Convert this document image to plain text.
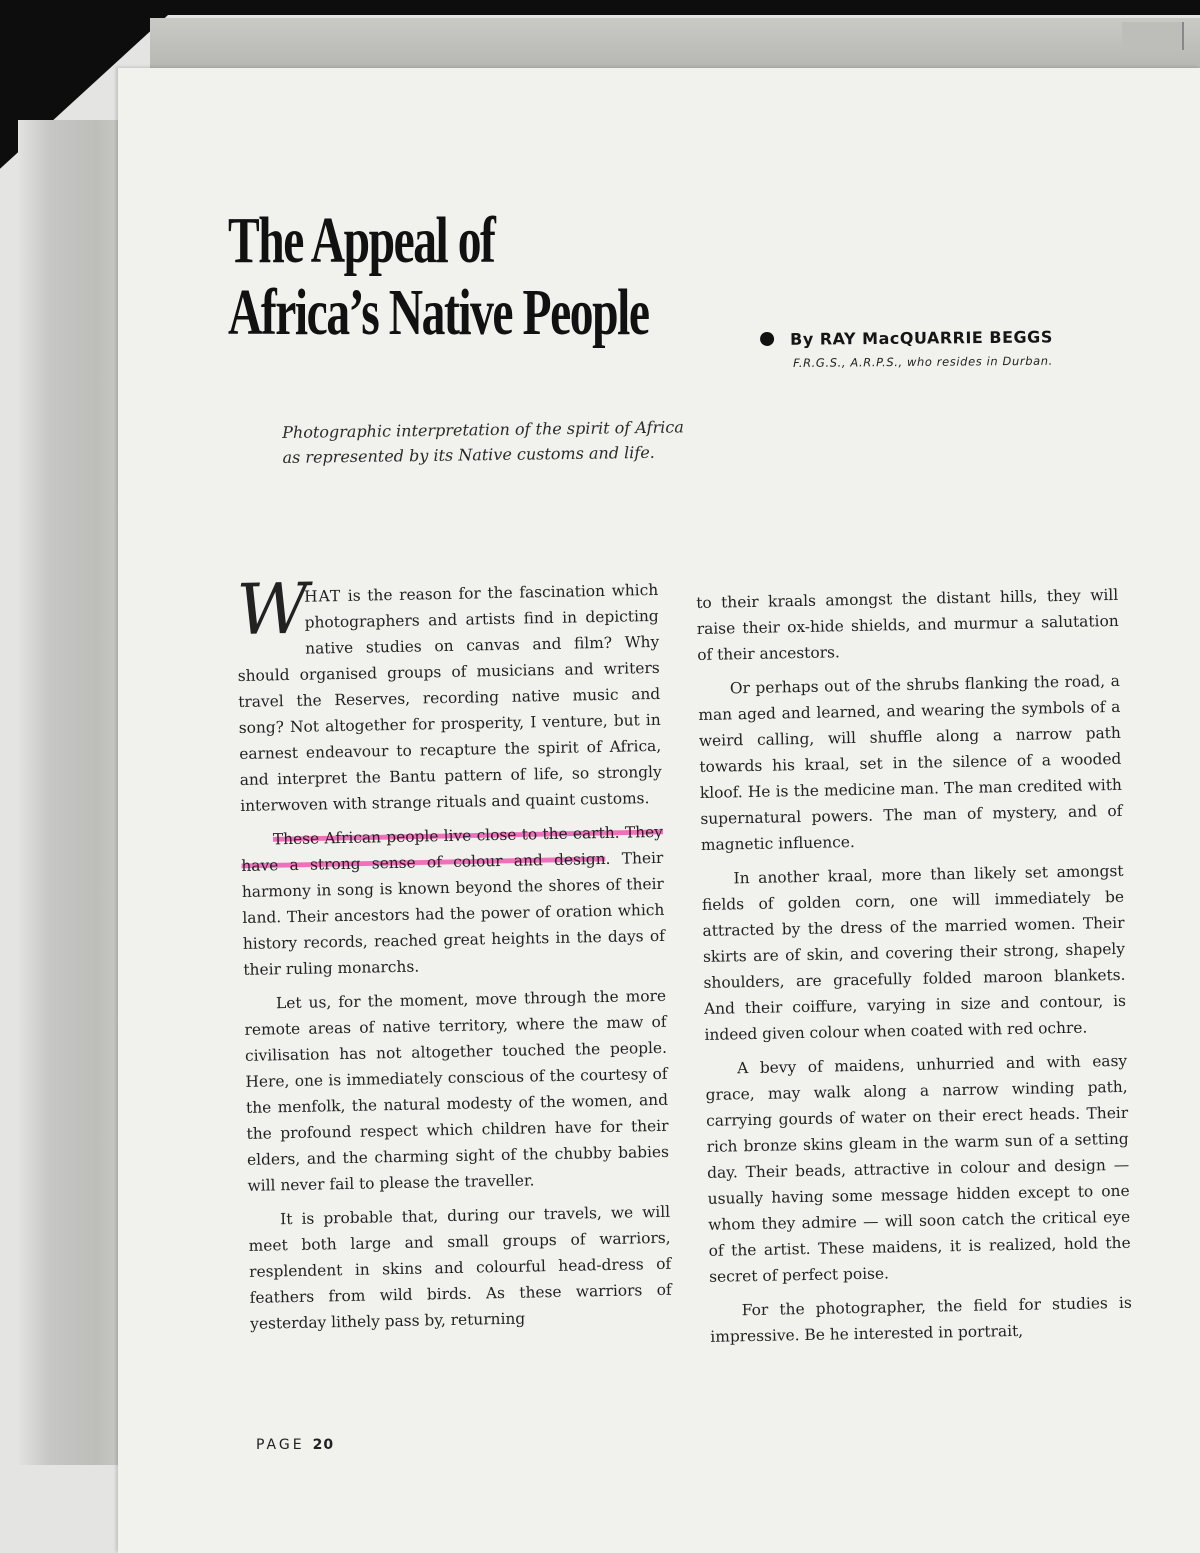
The Appeal of
Africa’s Native People	By RAY MacQUARRIE BEGGS
F.R.G.S., A.R.P.S., who resides in Durban.
Photographic interpretation of the spirit of Africa as represented by its Native customs and life.

WHAT is the reason for the fascination which photographers and artists find in depicting native studies on canvas and film? Why should organised groups of musicians and writers travel the Reserves, recording native music and song? Not altogether for prosperity, I venture, but in earnest endeavour to recapture the spirit of Africa, and interpret the Bantu pattern of life, so strongly interwoven with strange rituals and quaint customs.

These African people live close to the earth. They have a strong sense of colour and design. Their harmony in song is known beyond the shores of their land. Their ancestors had the power of oration which history records, reached great heights in the days of their ruling monarchs.

Let us, for the moment, move through the more remote areas of native territory, where the maw of civilisation has not altogether touched the people. Here, one is immediately conscious of the courtesy of the menfolk, the natural modesty of the women, and the profound respect which children have for their elders, and the charming sight of the chubby babies will never fail to please the traveller.

It is probable that, during our travels, we will meet both large and small groups of warriors, resplendent in skins and colourful head-dress of feathers from wild birds. As these warriors of yesterday lithely pass by, returning

to their kraals amongst the distant hills, they will raise their ox-hide shields, and murmur a salutation of their ancestors.

Or perhaps out of the shrubs flanking the road, a man aged and learned, and wearing the symbols of a weird calling, will shuffle along a narrow path towards his kraal, set in the silence of a wooded kloof. He is the medicine man. The man credited with supernatural powers. The man of mystery, and of magnetic influence.

In another kraal, more than likely set amongst fields of golden corn, one will immediately be attracted by the dress of the married women. Their skirts are of skin, and covering their strong, shapely shoulders, are gracefully folded maroon blankets. And their coiffure, varying in size and contour, is indeed given colour when coated with red ochre.

A bevy of maidens, unhurried and with easy grace, may walk along a narrow winding path, carrying gourds of water on their erect heads. Their rich bronze skins gleam in the warm sun of a setting day. Their beads, attractive in colour and design — usually having some message hidden except to one whom they admire — will soon catch the critical eye of the artist. These maidens, it is realized, hold the secret of perfect poise.

For the photographer, the field for studies is impressive. Be he interested in portrait,

PAGE 20
